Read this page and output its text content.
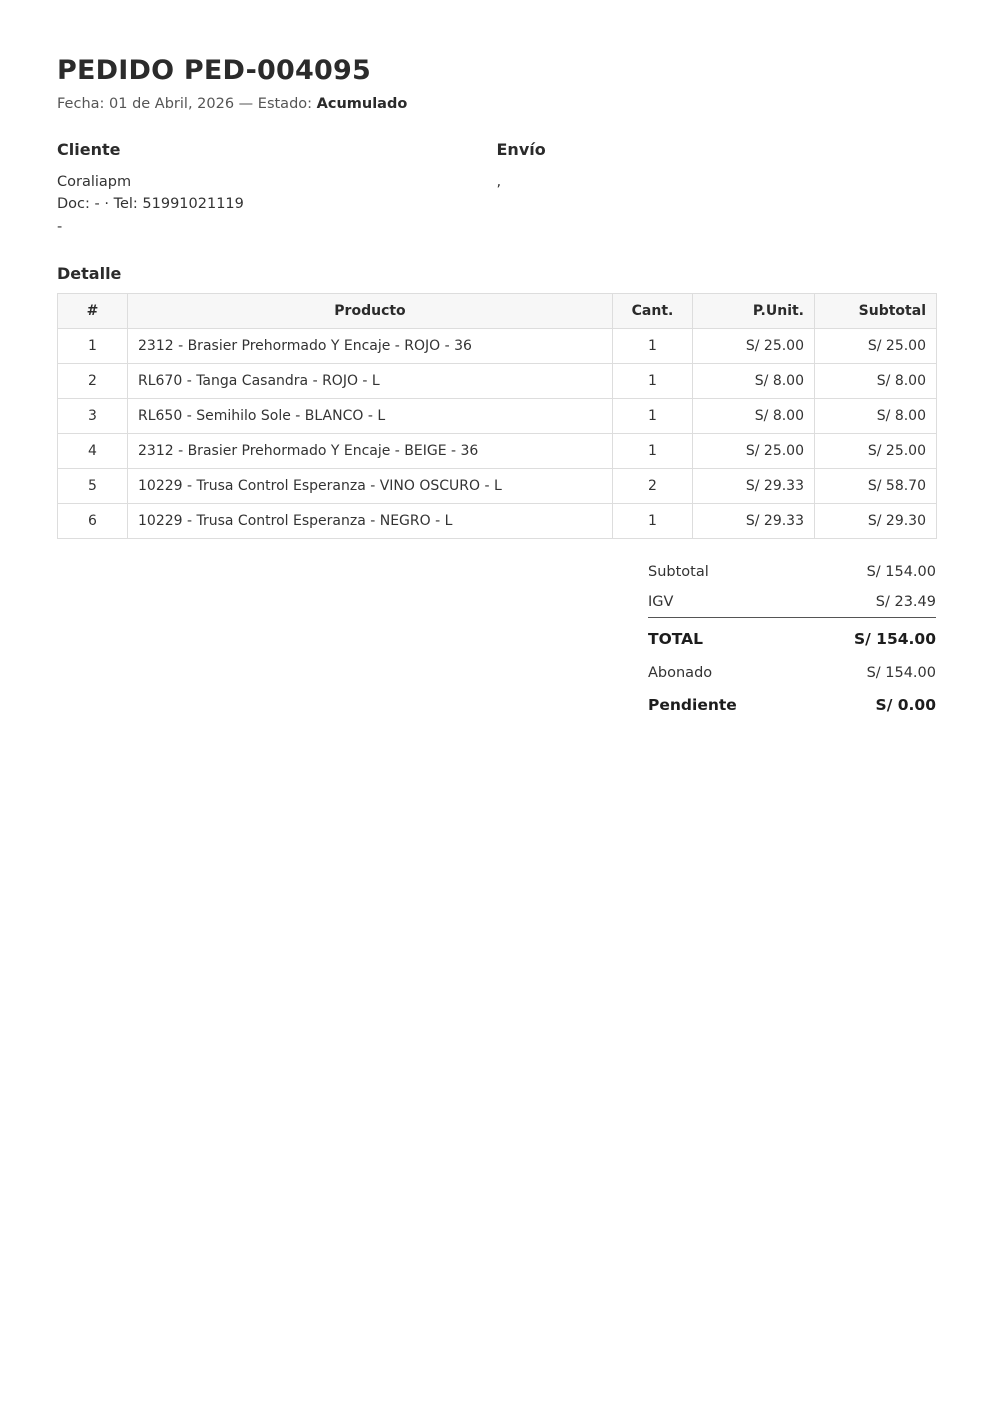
PEDIDO PED-004095

Fecha: 01 de Abril, 2026 — Estado: Acumulado

Cliente
Coraliapm
Doc: - · Tel: 51991021119
-
Envío
,
Detalle
#	Producto	Cant.	P.Unit.	Subtotal
1	2312 - Brasier Prehormado Y Encaje - ROJO - 36	1	S/ 25.00	S/ 25.00
2	RL670 - Tanga Casandra - ROJO - L	1	S/ 8.00	S/ 8.00
3	RL650 - Semihilo Sole - BLANCO - L	1	S/ 8.00	S/ 8.00
4	2312 - Brasier Prehormado Y Encaje - BEIGE - 36	1	S/ 25.00	S/ 25.00
5	10229 - Trusa Control Esperanza - VINO OSCURO - L	2	S/ 29.33	S/ 58.70
6	10229 - Trusa Control Esperanza - NEGRO - L	1	S/ 29.33	S/ 29.30
Subtotal	S/ 154.00
IGV	S/ 23.49
TOTAL	S/ 154.00
Abonado	S/ 154.00
Pendiente	S/ 0.00
